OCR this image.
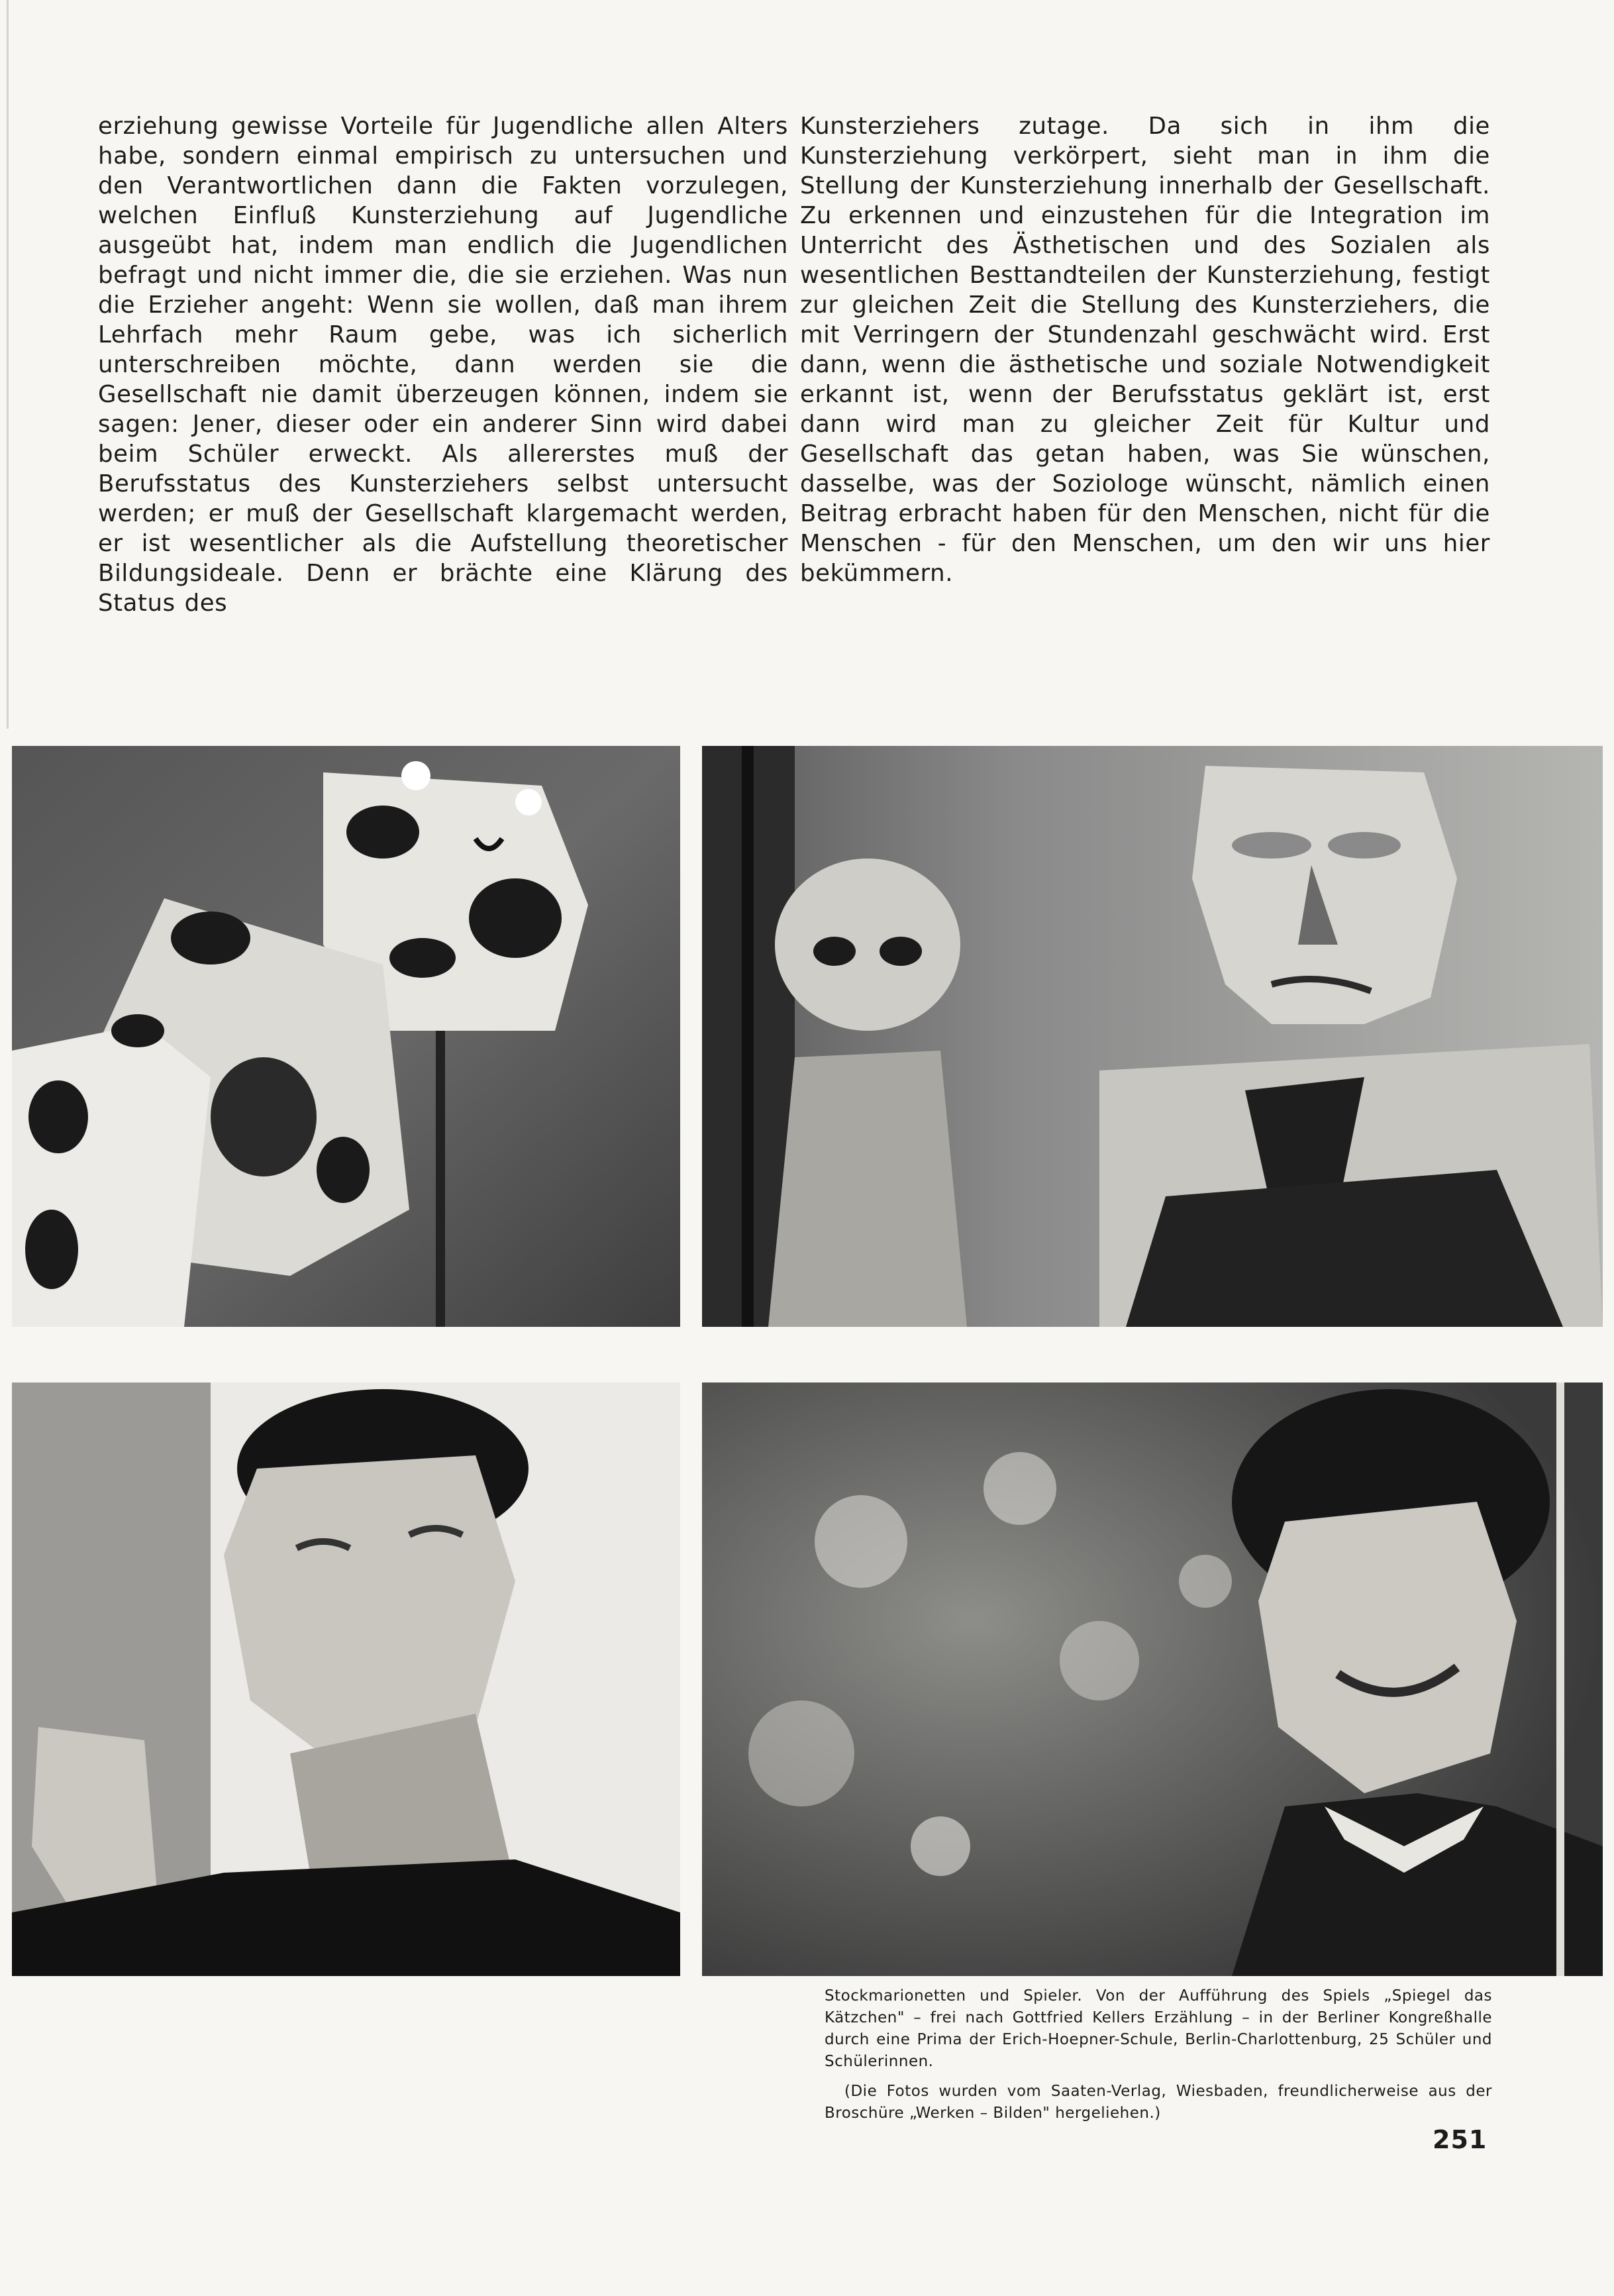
erziehung gewisse Vorteile für Jugendliche allen Alters habe, sondern einmal empirisch zu untersuchen und den Verantwortlichen dann die Fakten vorzulegen, welchen Einfluß Kunsterziehung auf Jugendliche ausgeübt hat, indem man endlich die Jugendlichen befragt und nicht immer die, die sie erziehen. Was nun die Erzieher angeht: Wenn sie wollen, daß man ihrem Lehrfach mehr Raum gebe, was ich sicherlich unterschreiben möchte, dann werden sie die Gesellschaft nie damit überzeugen können, indem sie sagen: Jener, dieser oder ein anderer Sinn wird dabei beim Schüler erweckt. Als allererstes muß der Berufsstatus des Kunsterziehers selbst untersucht werden; er muß der Gesellschaft klargemacht werden, er ist wesentlicher als die Aufstellung theoretischer Bildungsideale. Denn er brächte eine Klärung des Status des

Kunsterziehers zutage. Da sich in ihm die Kunsterziehung verkörpert, sieht man in ihm die Stellung der Kunsterziehung innerhalb der Gesellschaft. Zu erkennen und einzustehen für die Integration im Unterricht des Ästhetischen und des Sozialen als wesentlichen Besttandteilen der Kunsterziehung, festigt zur gleichen Zeit die Stellung des Kunsterziehers, die mit Verringern der Stundenzahl geschwächt wird. Erst dann, wenn die ästhetische und soziale Notwendigkeit erkannt ist, wenn der Berufsstatus geklärt ist, erst dann wird man zu gleicher Zeit für Kultur und Gesellschaft das getan haben, was Sie wünschen, dasselbe, was der Soziologe wünscht, nämlich einen Beitrag erbracht haben für den Menschen, nicht für die Menschen - für den Menschen, um den wir uns hier bekümmern.

Stockmarionetten und Spieler. Von der Aufführung des Spiels „Spiegel das Kätzchen" – frei nach Gottfried Kellers Erzählung – in der Berliner Kongreßhalle durch eine Prima der Erich-Hoepner-Schule, Berlin-Charlottenburg, 25 Schüler und Schülerinnen.

(Die Fotos wurden vom Saaten-Verlag, Wiesbaden, freundlicherweise aus der Broschüre „Werken – Bilden" hergeliehen.)

251
